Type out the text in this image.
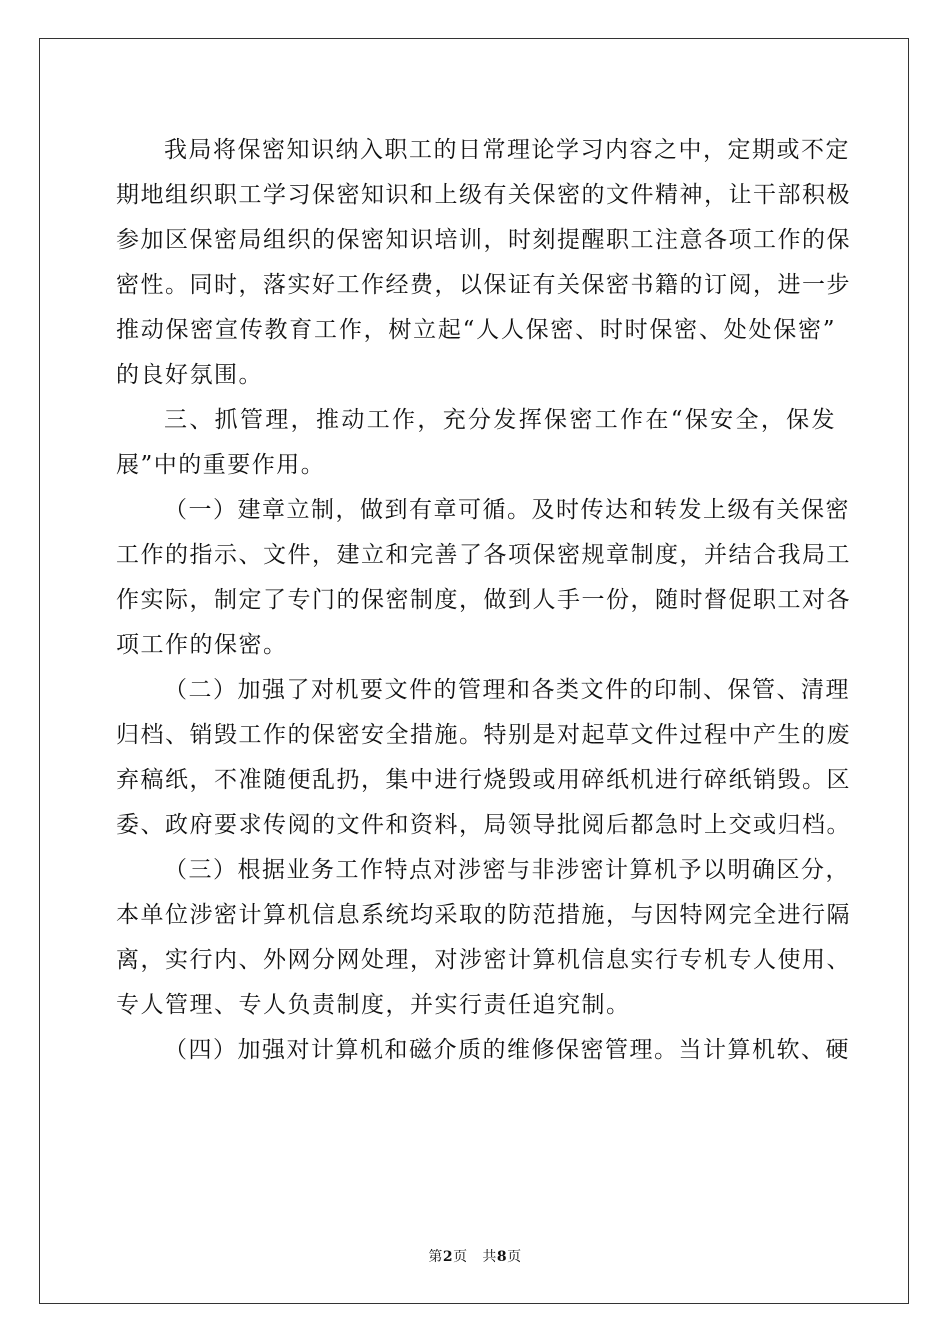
我局将保密知识纳入职工的日常理论学习内容之中，定期或不定
期地组织职工学习保密知识和上级有关保密的文件精神，让干部积极
参加区保密局组织的保密知识培训，时刻提醒职工注意各项工作的保
密性。同时，落实好工作经费，以保证有关保密书籍的订阅，进一步
推动保密宣传教育工作，树立起“人人保密、时时保密、处处保密”
的良好氛围。

三、抓管理，推动工作，充分发挥保密工作在“保安全，保发
展”中的重要作用。

（一）建章立制，做到有章可循。及时传达和转发上级有关保密
工作的指示、文件，建立和完善了各项保密规章制度，并结合我局工
作实际，制定了专门的保密制度，做到人手一份，随时督促职工对各
项工作的保密。

（二）加强了对机要文件的管理和各类文件的印制、保管、清理
归档、销毁工作的保密安全措施。特别是对起草文件过程中产生的废
弃稿纸，不准随便乱扔，集中进行烧毁或用碎纸机进行碎纸销毁。区
委、政府要求传阅的文件和资料，局领导批阅后都急时上交或归档。

（三）根据业务工作特点对涉密与非涉密计算机予以明确区分，
本单位涉密计算机信息系统均采取的防范措施，与因特网完全进行隔
离，实行内、外网分网处理，对涉密计算机信息实行专机专人使用、
专人管理、专人负责制度，并实行责任追究制。

（四）加强对计算机和磁介质的维修保密管理。当计算机软、硬

第2页 共8页
